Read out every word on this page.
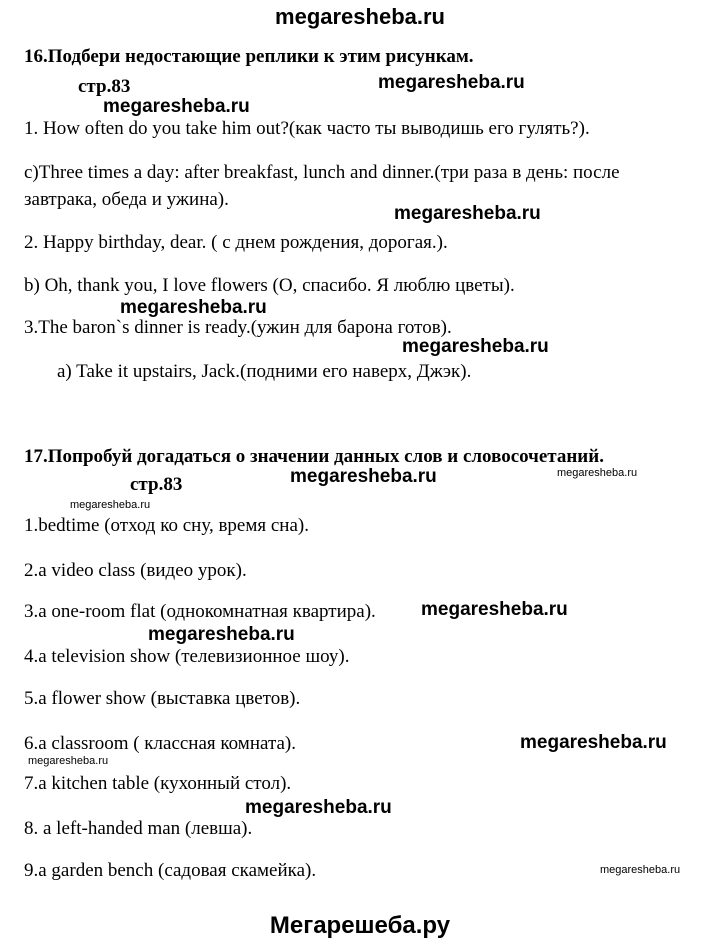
megaresheba.ru
16.Подбери недостающие реплики к этим рисункам.
стр.83	megaresheba.ru
megaresheba.ru
1. How often do you take him out?(как часто ты выводишь его гулять?).
c)Three times a day: after breakfast, lunch and dinner.(три раза в день: после
завтрака, обеда и ужина).
megaresheba.ru
2. Happy birthday, dear. ( с днем рождения, дорогая.).
b) Oh, thank you, I love flowers (О, спасибо. Я люблю цветы).
megaresheba.ru
3.The baron`s dinner is ready.(ужин для барона готов).
megaresheba.ru
a) Take it upstairs, Jack.(подними его наверх, Джэк).
17.Попробуй догадаться о значении данных слов и словосочетаний.
стр.83	megaresheba.ru	megaresheba.ru
megaresheba.ru
1.bedtime (отход ко сну, время сна).
2.a video class (видео урок).
3.a one-room flat (однокомнатная квартира). megaresheba.ru
megaresheba.ru
4.a television show (телевизионное шоу).
5.a flower show (выставка цветов).
6.a classroom ( классная комната).	megaresheba.ru
megaresheba.ru
7.a kitchen table (кухонный стол).
megaresheba.ru
8. a left-handed man (левша).
9.a garden bench (садовая скамейка).	megaresheba.ru
Мегарешеба.ру
